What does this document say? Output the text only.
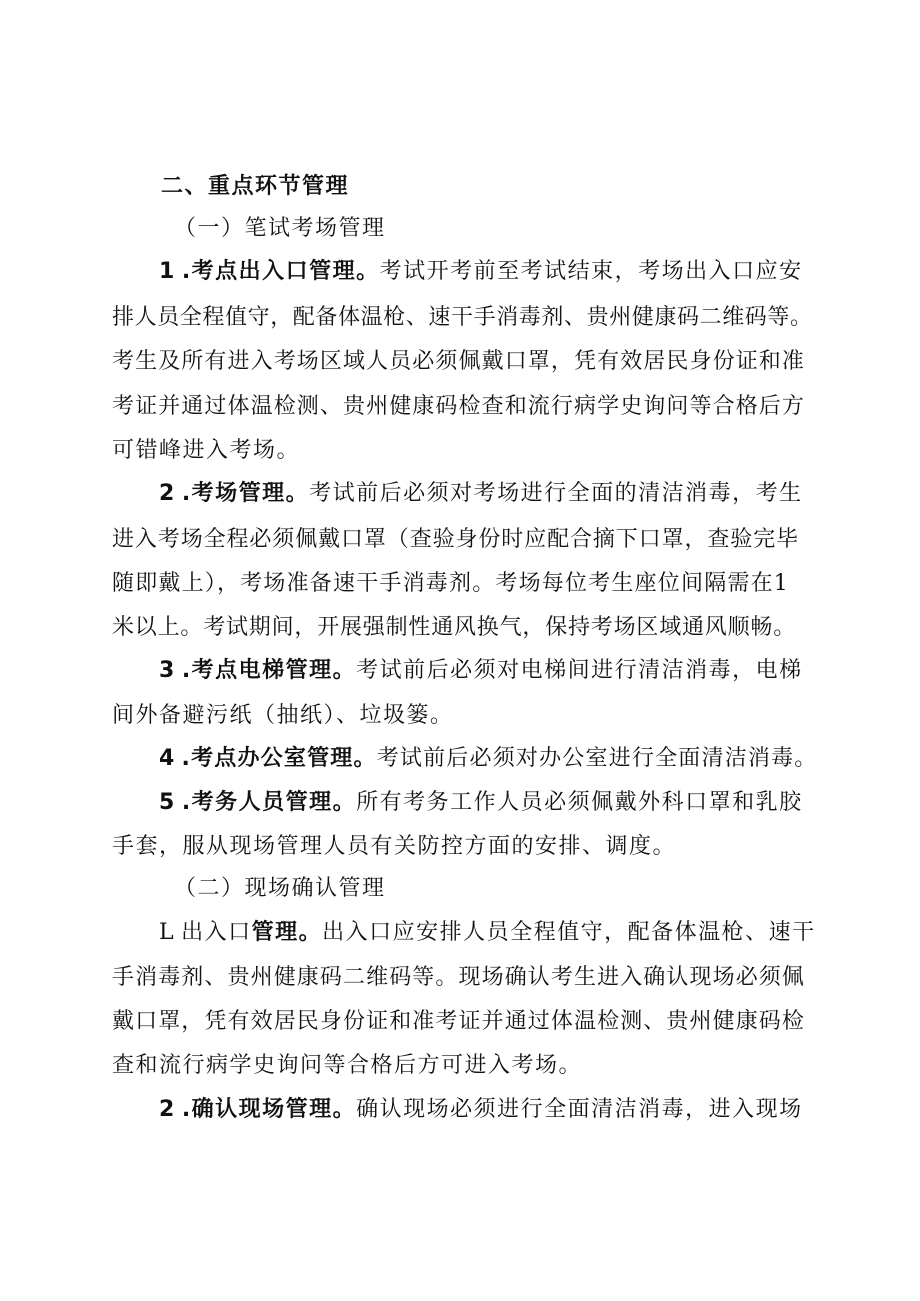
二、重点环节管理
（一）笔试考场管理
1 .考点出入口管理。考试开考前至考试结束，考场出入口应安
排人员全程值守，配备体温枪、速干手消毒剂、贵州健康码二维码等。
考生及所有进入考场区域人员必须佩戴口罩，凭有效居民身份证和准
考证并通过体温检测、贵州健康码检查和流行病学史询问等合格后方
可错峰进入考场。
2 .考场管理。考试前后必须对考场进行全面的清洁消毒，考生
进入考场全程必须佩戴口罩（查验身份时应配合摘下口罩，查验完毕
随即戴上），考场准备速干手消毒剂。考场每位考生座位间隔需在1
米以上。考试期间，开展强制性通风换气，保持考场区域通风顺畅。
3 .考点电梯管理。考试前后必须对电梯间进行清洁消毒，电梯
间外备避污纸（抽纸）、垃圾篓。
4 .考点办公室管理。考试前后必须对办公室进行全面清洁消毒。
5 .考务人员管理。所有考务工作人员必须佩戴外科口罩和乳胶
手套，服从现场管理人员有关防控方面的安排、调度。
（二）现场确认管理
L 出入口管理。出入口应安排人员全程值守，配备体温枪、速干
手消毒剂、贵州健康码二维码等。现场确认考生进入确认现场必须佩
戴口罩，凭有效居民身份证和准考证并通过体温检测、贵州健康码检
查和流行病学史询问等合格后方可进入考场。
2 .确认现场管理。确认现场必须进行全面清洁消毒，进入现场
